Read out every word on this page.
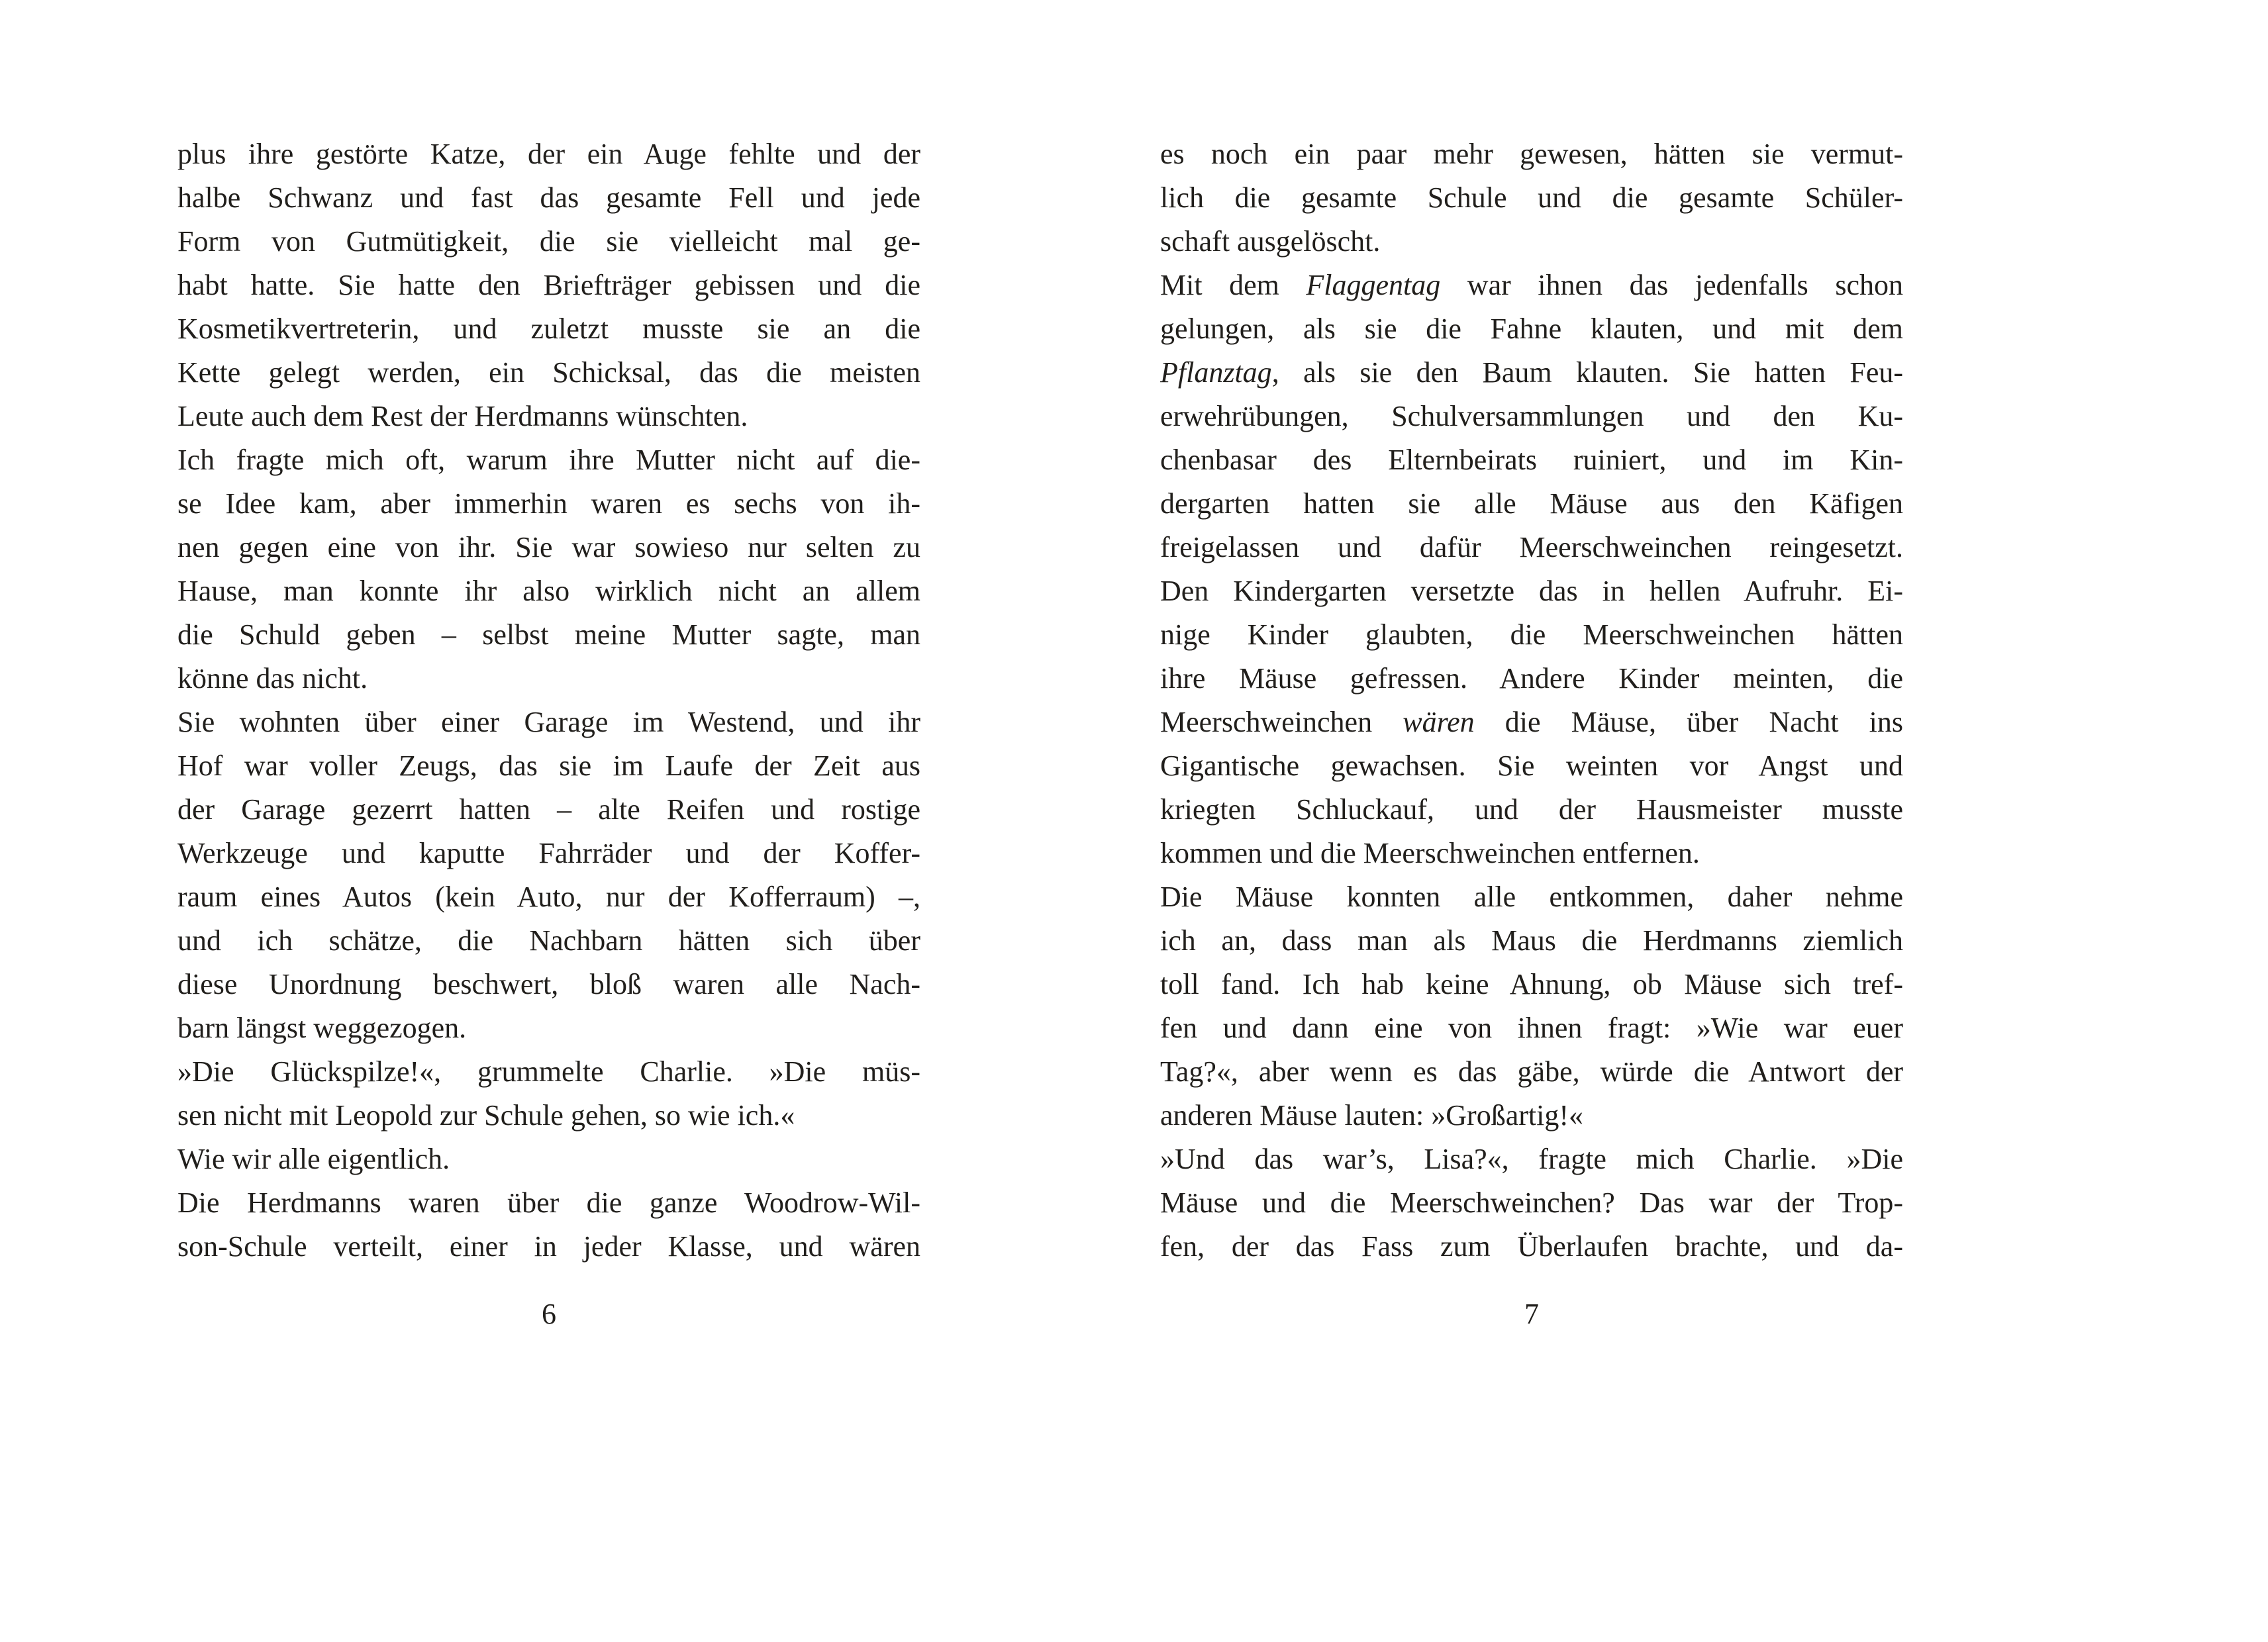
plus ihre gestörte Katze, der ein Auge fehlte und der
halbe Schwanz und fast das gesamte Fell und jede
Form von Gutmütigkeit, die sie vielleicht mal ge-
habt hatte. Sie hatte den Briefträger gebissen und die
Kosmetikvertreterin, und zuletzt musste sie an die
Kette gelegt werden, ein Schicksal, das die meisten
Leute auch dem Rest der Herdmanns wünschten.
Ich fragte mich oft, warum ihre Mutter nicht auf die-
se Idee kam, aber immerhin waren es sechs von ih-
nen gegen eine von ihr. Sie war sowieso nur selten zu
Hause, man konnte ihr also wirklich nicht an allem
die Schuld geben – selbst meine Mutter sagte, man
könne das nicht.
Sie wohnten über einer Garage im Westend, und ihr
Hof war voller Zeugs, das sie im Laufe der Zeit aus
der Garage gezerrt hatten – alte Reifen und rostige
Werkzeuge und kaputte Fahrräder und der Koffer-
raum eines Autos (kein Auto, nur der Kofferraum) –,
und ich schätze, die Nachbarn hätten sich über
diese Unordnung beschwert, bloß waren alle Nach-
barn längst weggezogen.
»Die Glückspilze!«, grummelte Charlie. »Die müs-
sen nicht mit Leopold zur Schule gehen, so wie ich.«
Wie wir alle eigentlich.
Die Herdmanns waren über die ganze Woodrow-Wil-
son-Schule verteilt, einer in jeder Klasse, und wären
6
es noch ein paar mehr gewesen, hätten sie vermut-
lich die gesamte Schule und die gesamte Schüler-
schaft ausgelöscht.
Mit dem Flaggentag war ihnen das jedenfalls schon
gelungen, als sie die Fahne klauten, und mit dem
Pflanztag, als sie den Baum klauten. Sie hatten Feu-
erwehrübungen, Schulversammlungen und den Ku-
chenbasar des Elternbeirats ruiniert, und im Kin-
dergarten hatten sie alle Mäuse aus den Käfigen
freigelassen und dafür Meerschweinchen reingesetzt.
Den Kindergarten versetzte das in hellen Aufruhr. Ei-
nige Kinder glaubten, die Meerschweinchen hätten
ihre Mäuse gefressen. Andere Kinder meinten, die
Meerschweinchen wären die Mäuse, über Nacht ins
Gigantische gewachsen. Sie weinten vor Angst und
kriegten Schluckauf, und der Hausmeister musste
kommen und die Meerschweinchen entfernen.
Die Mäuse konnten alle entkommen, daher nehme
ich an, dass man als Maus die Herdmanns ziemlich
toll fand. Ich hab keine Ahnung, ob Mäuse sich tref-
fen und dann eine von ihnen fragt: »Wie war euer
Tag?«, aber wenn es das gäbe, würde die Antwort der
anderen Mäuse lauten: »Großartig!«
»Und das war’s, Lisa?«, fragte mich Charlie. »Die
Mäuse und die Meerschweinchen? Das war der Trop-
fen, der das Fass zum Überlaufen brachte, und da-
7
